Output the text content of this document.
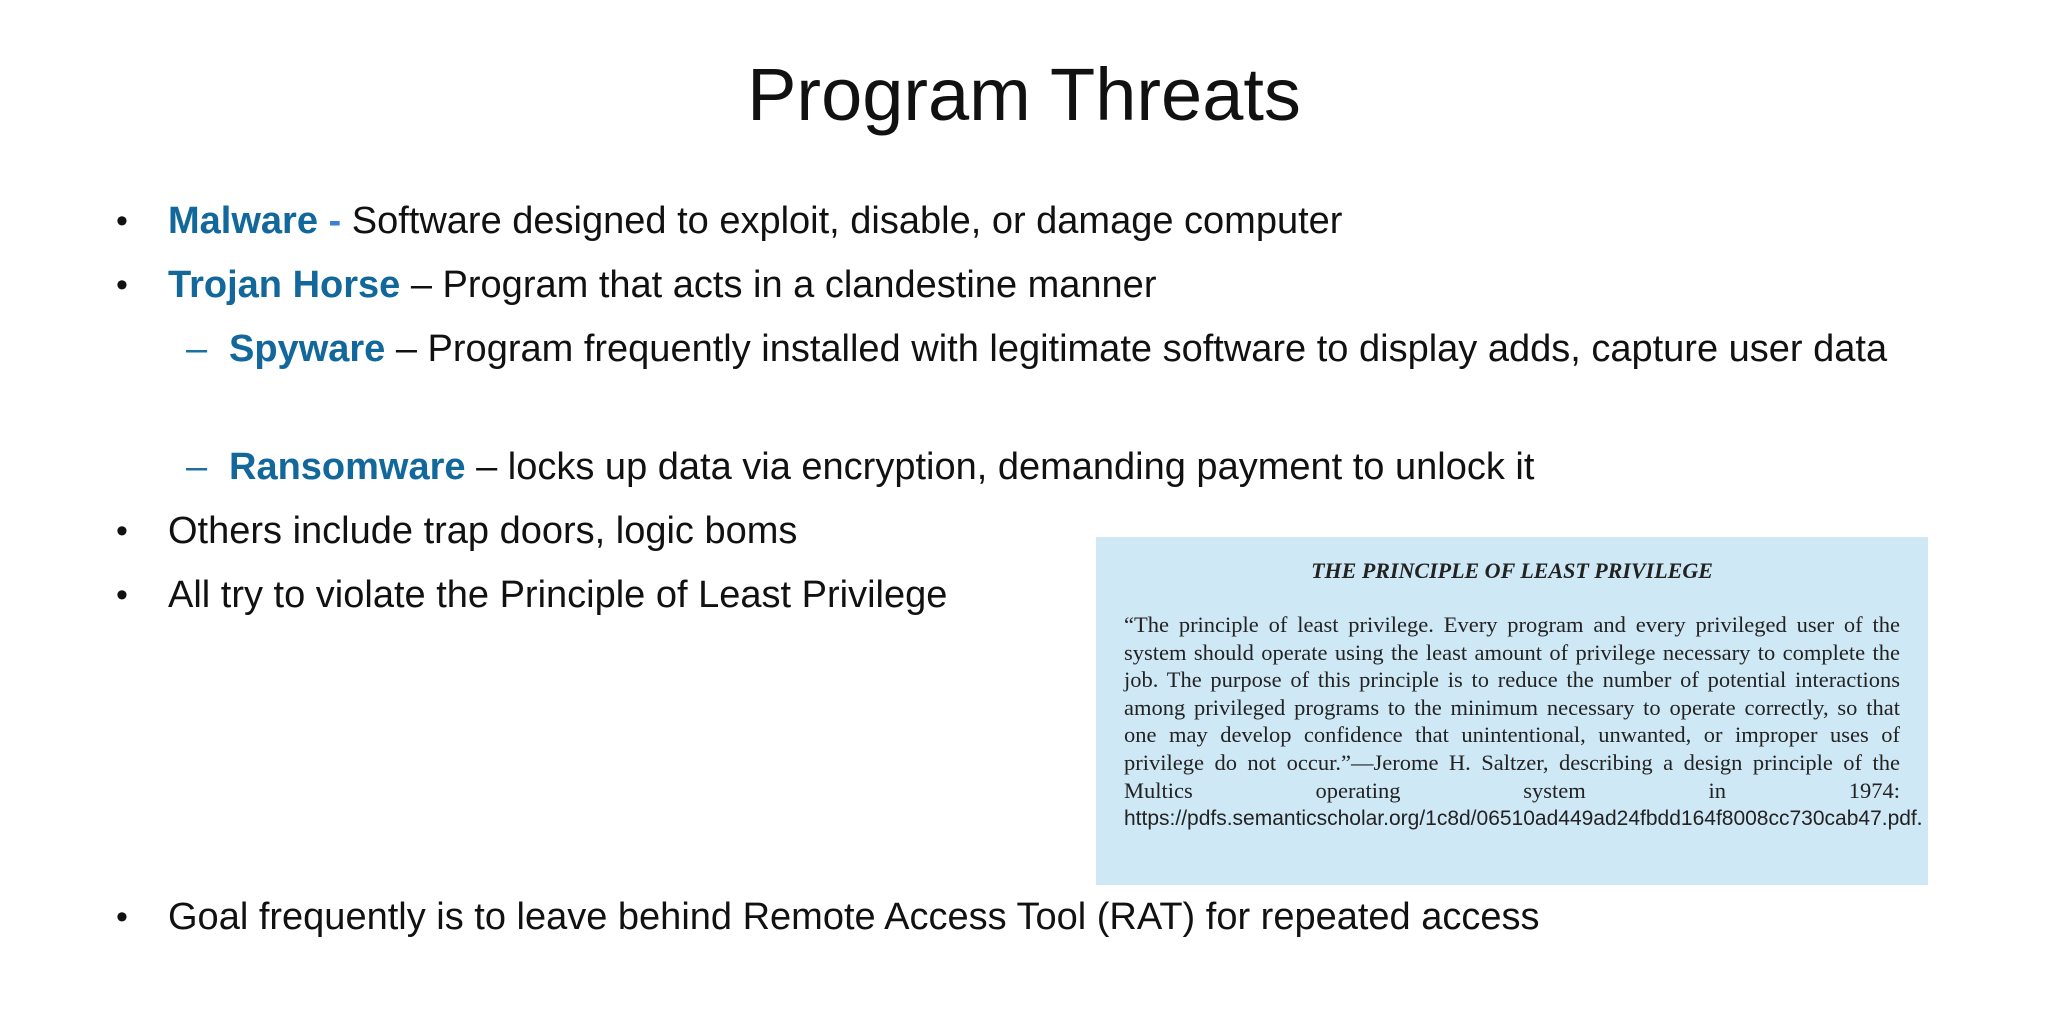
Program Threats
• Malware - Software designed to exploit, disable, or damage computer
• Trojan Horse – Program that acts in a clandestine manner
– Spyware – Program frequently installed with legitimate software to display adds, capture user data
– Ransomware – locks up data via encryption, demanding payment to unlock it
• Others include trap doors, logic boms
• All try to violate the Principle of Least Privilege
THE PRINCIPLE OF LEAST PRIVILEGE
“The principle of least privilege. Every program and every privileged user of the system should operate using the least amount of privilege necessary to complete the job. The purpose of this principle is to reduce the number of potential interactions among privileged programs to the minimum necessary to operate correctly, so that one may develop confidence that unintentional, unwanted, or improper uses of privilege do not occur.”—Jerome H. Saltzer, describing a design principle of the Multics operating system in 1974: https://pdfs.semanticscholar.org/1c8d/06510ad449ad24fbdd164f8008cc730cab47.pdf.
• Goal frequently is to leave behind Remote Access Tool (RAT) for repeated access
